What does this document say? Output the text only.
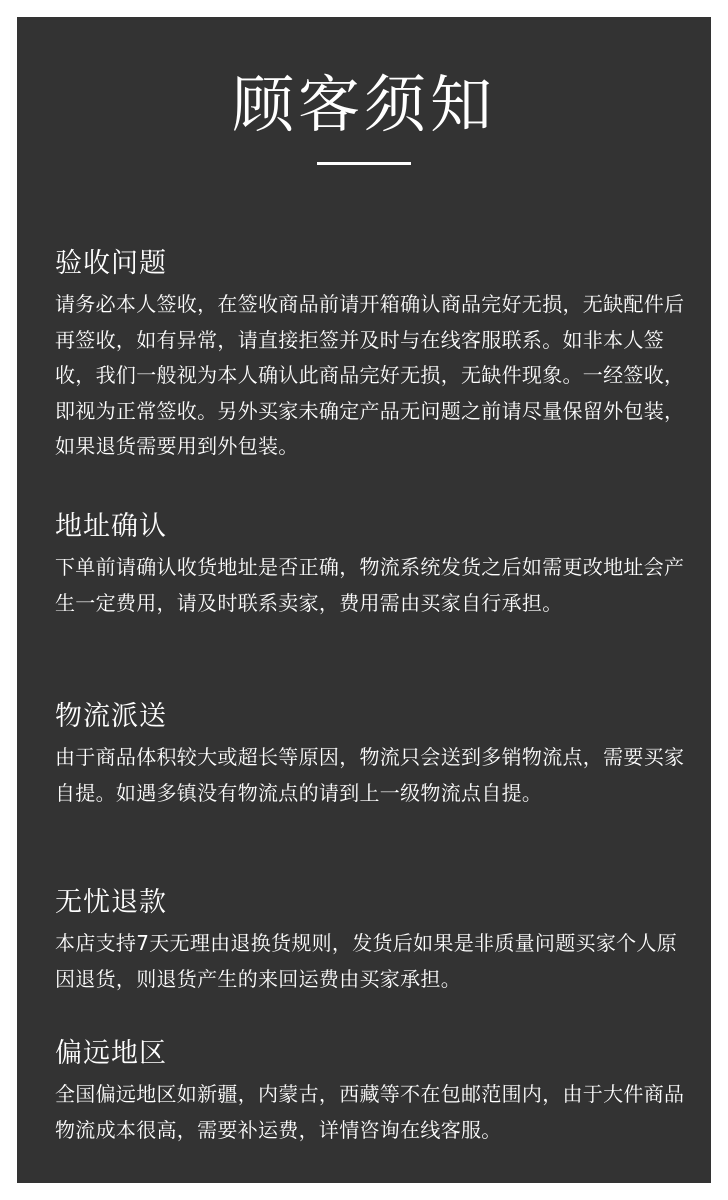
顾客须知
验收问题

请务必本人签收，在签收商品前请开箱确认商品完好无损，无缺配件后再签收，如有异常，请直接拒签并及时与在线客服联系。如非本人签收，我们一般视为本人确认此商品完好无损，无缺件现象。一经签收，即视为正常签收。另外买家未确定产品无问题之前请尽量保留外包装，如果退货需要用到外包装。

地址确认

下单前请确认收货地址是否正确，物流系统发货之后如需更改地址会产生一定费用，请及时联系卖家，费用需由买家自行承担。

物流派送

由于商品体积较大或超长等原因，物流只会送到多销物流点，需要买家自提。如遇多镇没有物流点的请到上一级物流点自提。

无忧退款

本店支持7天无理由退换货规则，发货后如果是非质量问题买家个人原因退货，则退货产生的来回运费由买家承担。

偏远地区

全国偏远地区如新疆，内蒙古，西藏等不在包邮范围内，由于大件商品物流成本很高，需要补运费，详情咨询在线客服。
